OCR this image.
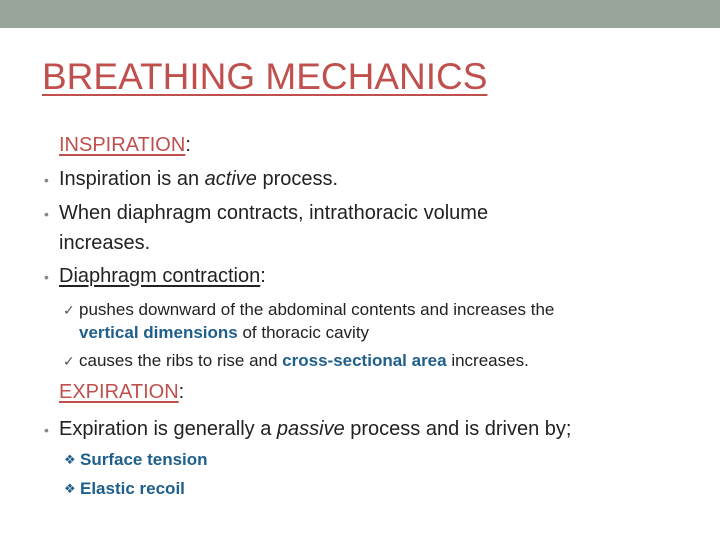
BREATHING MECHANICS
INSPIRATION:
• Inspiration is an active process.
• When diaphragm contracts, intrathoracic volume
increases.
• Diaphragm contraction:
✓ pushes downward of the abdominal contents and increases the
vertical dimensions of thoracic cavity
✓ causes the ribs to rise and cross-sectional area increases.
EXPIRATION:
• Expiration is generally a passive process and is driven by;
❖ Surface tension
❖ Elastic recoil
